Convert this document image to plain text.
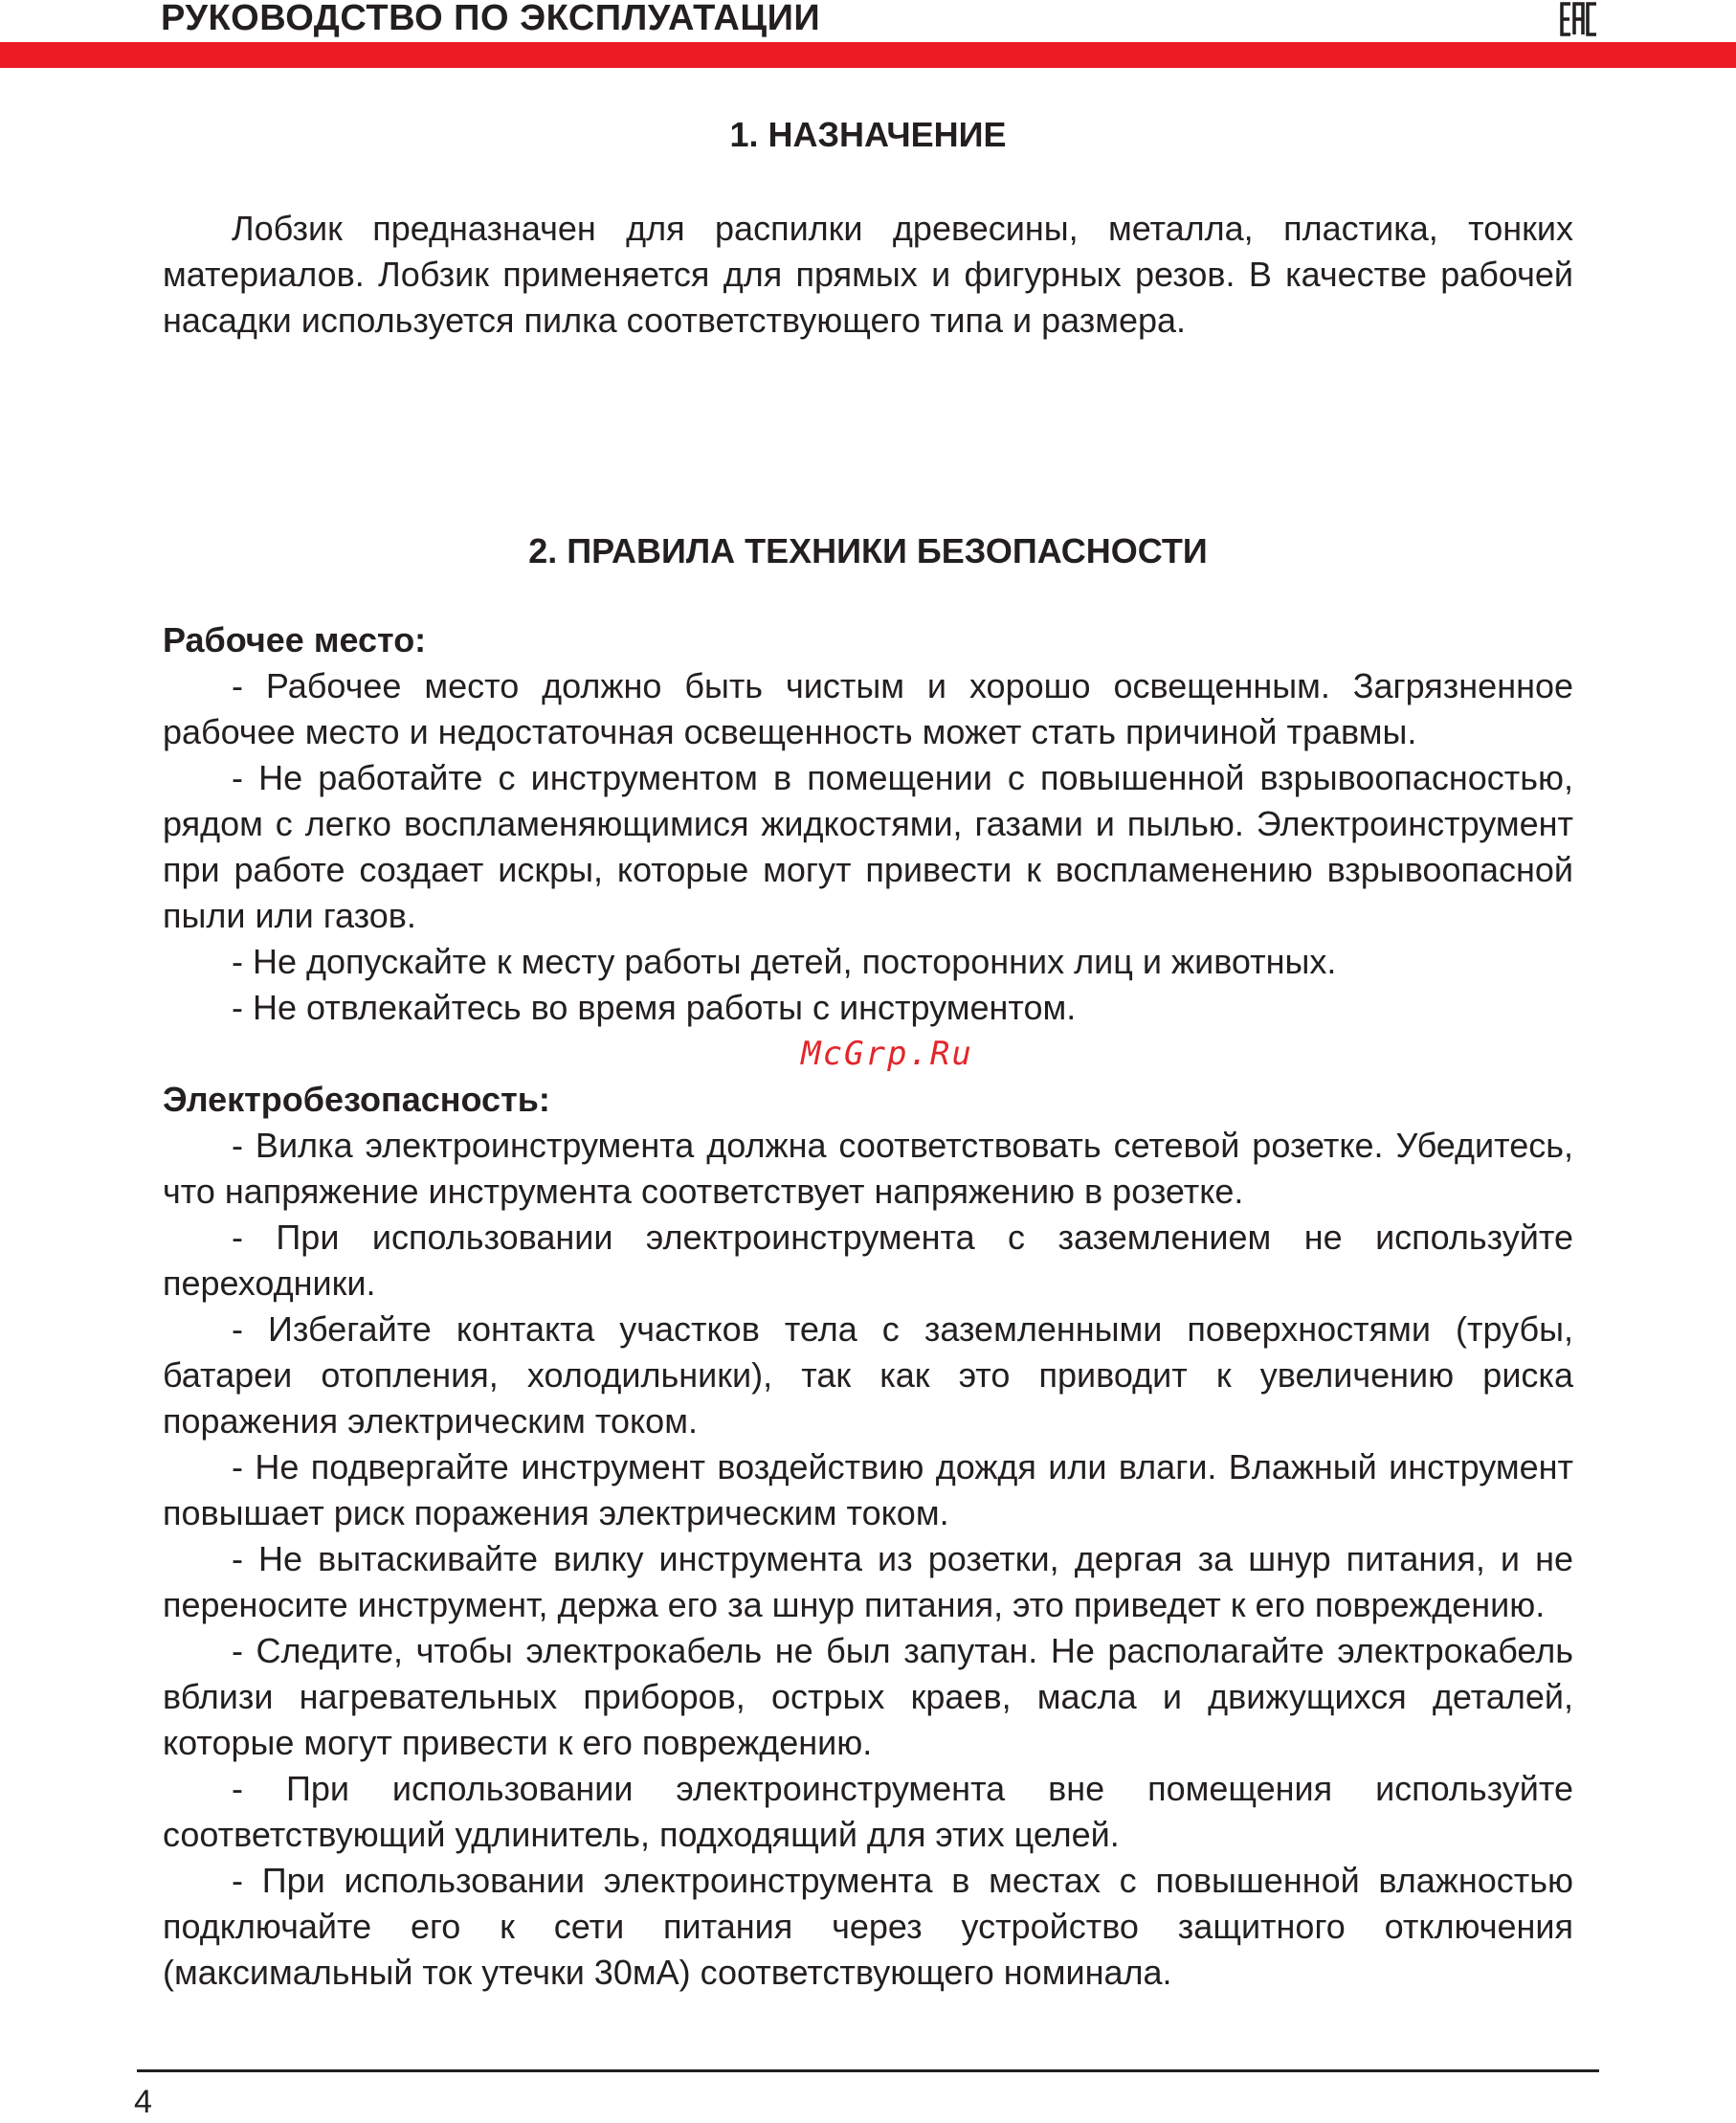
РУКОВОДСТВО ПО ЭКСПЛУАТАЦИИ
1. НАЗНАЧЕНИЕ

Лобзик предназначен для распилки древесины, металла, пластика, тонких материалов. Лобзик применяется для прямых и фигурных резов. В качестве рабочей насадки используется пилка соответствующего типа и размера.

2. ПРАВИЛА ТЕХНИКИ БЕЗОПАСНОСТИ
Рабочее место:

- Рабочее место должно быть чистым и хорошо освещенным. Загрязненное рабочее место и недостаточная освещенность может стать причиной травмы.

- Не работайте с инструментом в помещении с повышенной взрывоопасностью, рядом с легко воспламеняющимися жидкостями, газами и пылью. Электроинструмент при работе создает искры, которые могут привести к воспламенению взрывоопасной пыли или газов.

- Не допускайте к месту работы детей, посторонних лиц и животных.

- Не отвлекайтесь во время работы с инструментом.

McGrp.Ru
Электробезопасность:

- Вилка электроинструмента должна соответствовать сетевой розетке. Убедитесь, что напряжение инструмента соответствует напряжению в розетке.

- При использовании электроинструмента с заземлением не используйте переходники.

- Избегайте контакта участков тела с заземленными поверхностями (трубы, батареи отопления, холодильники), так как это приводит к увеличению риска поражения электрическим током.

- Не подвергайте инструмент воздействию дождя или влаги. Влажный инструмент повышает риск поражения электрическим током.

- Не вытаскивайте вилку инструмента из розетки, дергая за шнур питания, и не переносите инструмент, держа его за шнур питания, это приведет к его повреждению.

- Следите, чтобы электрокабель не был запутан. Не располагайте электрокабель вблизи нагревательных приборов, острых краев, масла и движущихся деталей, которые могут привести к его повреждению.

- При использовании электроинструмента вне помещения используйте соответствующий удлинитель, подходящий для этих целей.

- При использовании электроинструмента в местах с повышенной влажностью подключайте его к сети питания через устройство защитного отключения (максимальный ток утечки 30мА) соответствующего номинала.

4
